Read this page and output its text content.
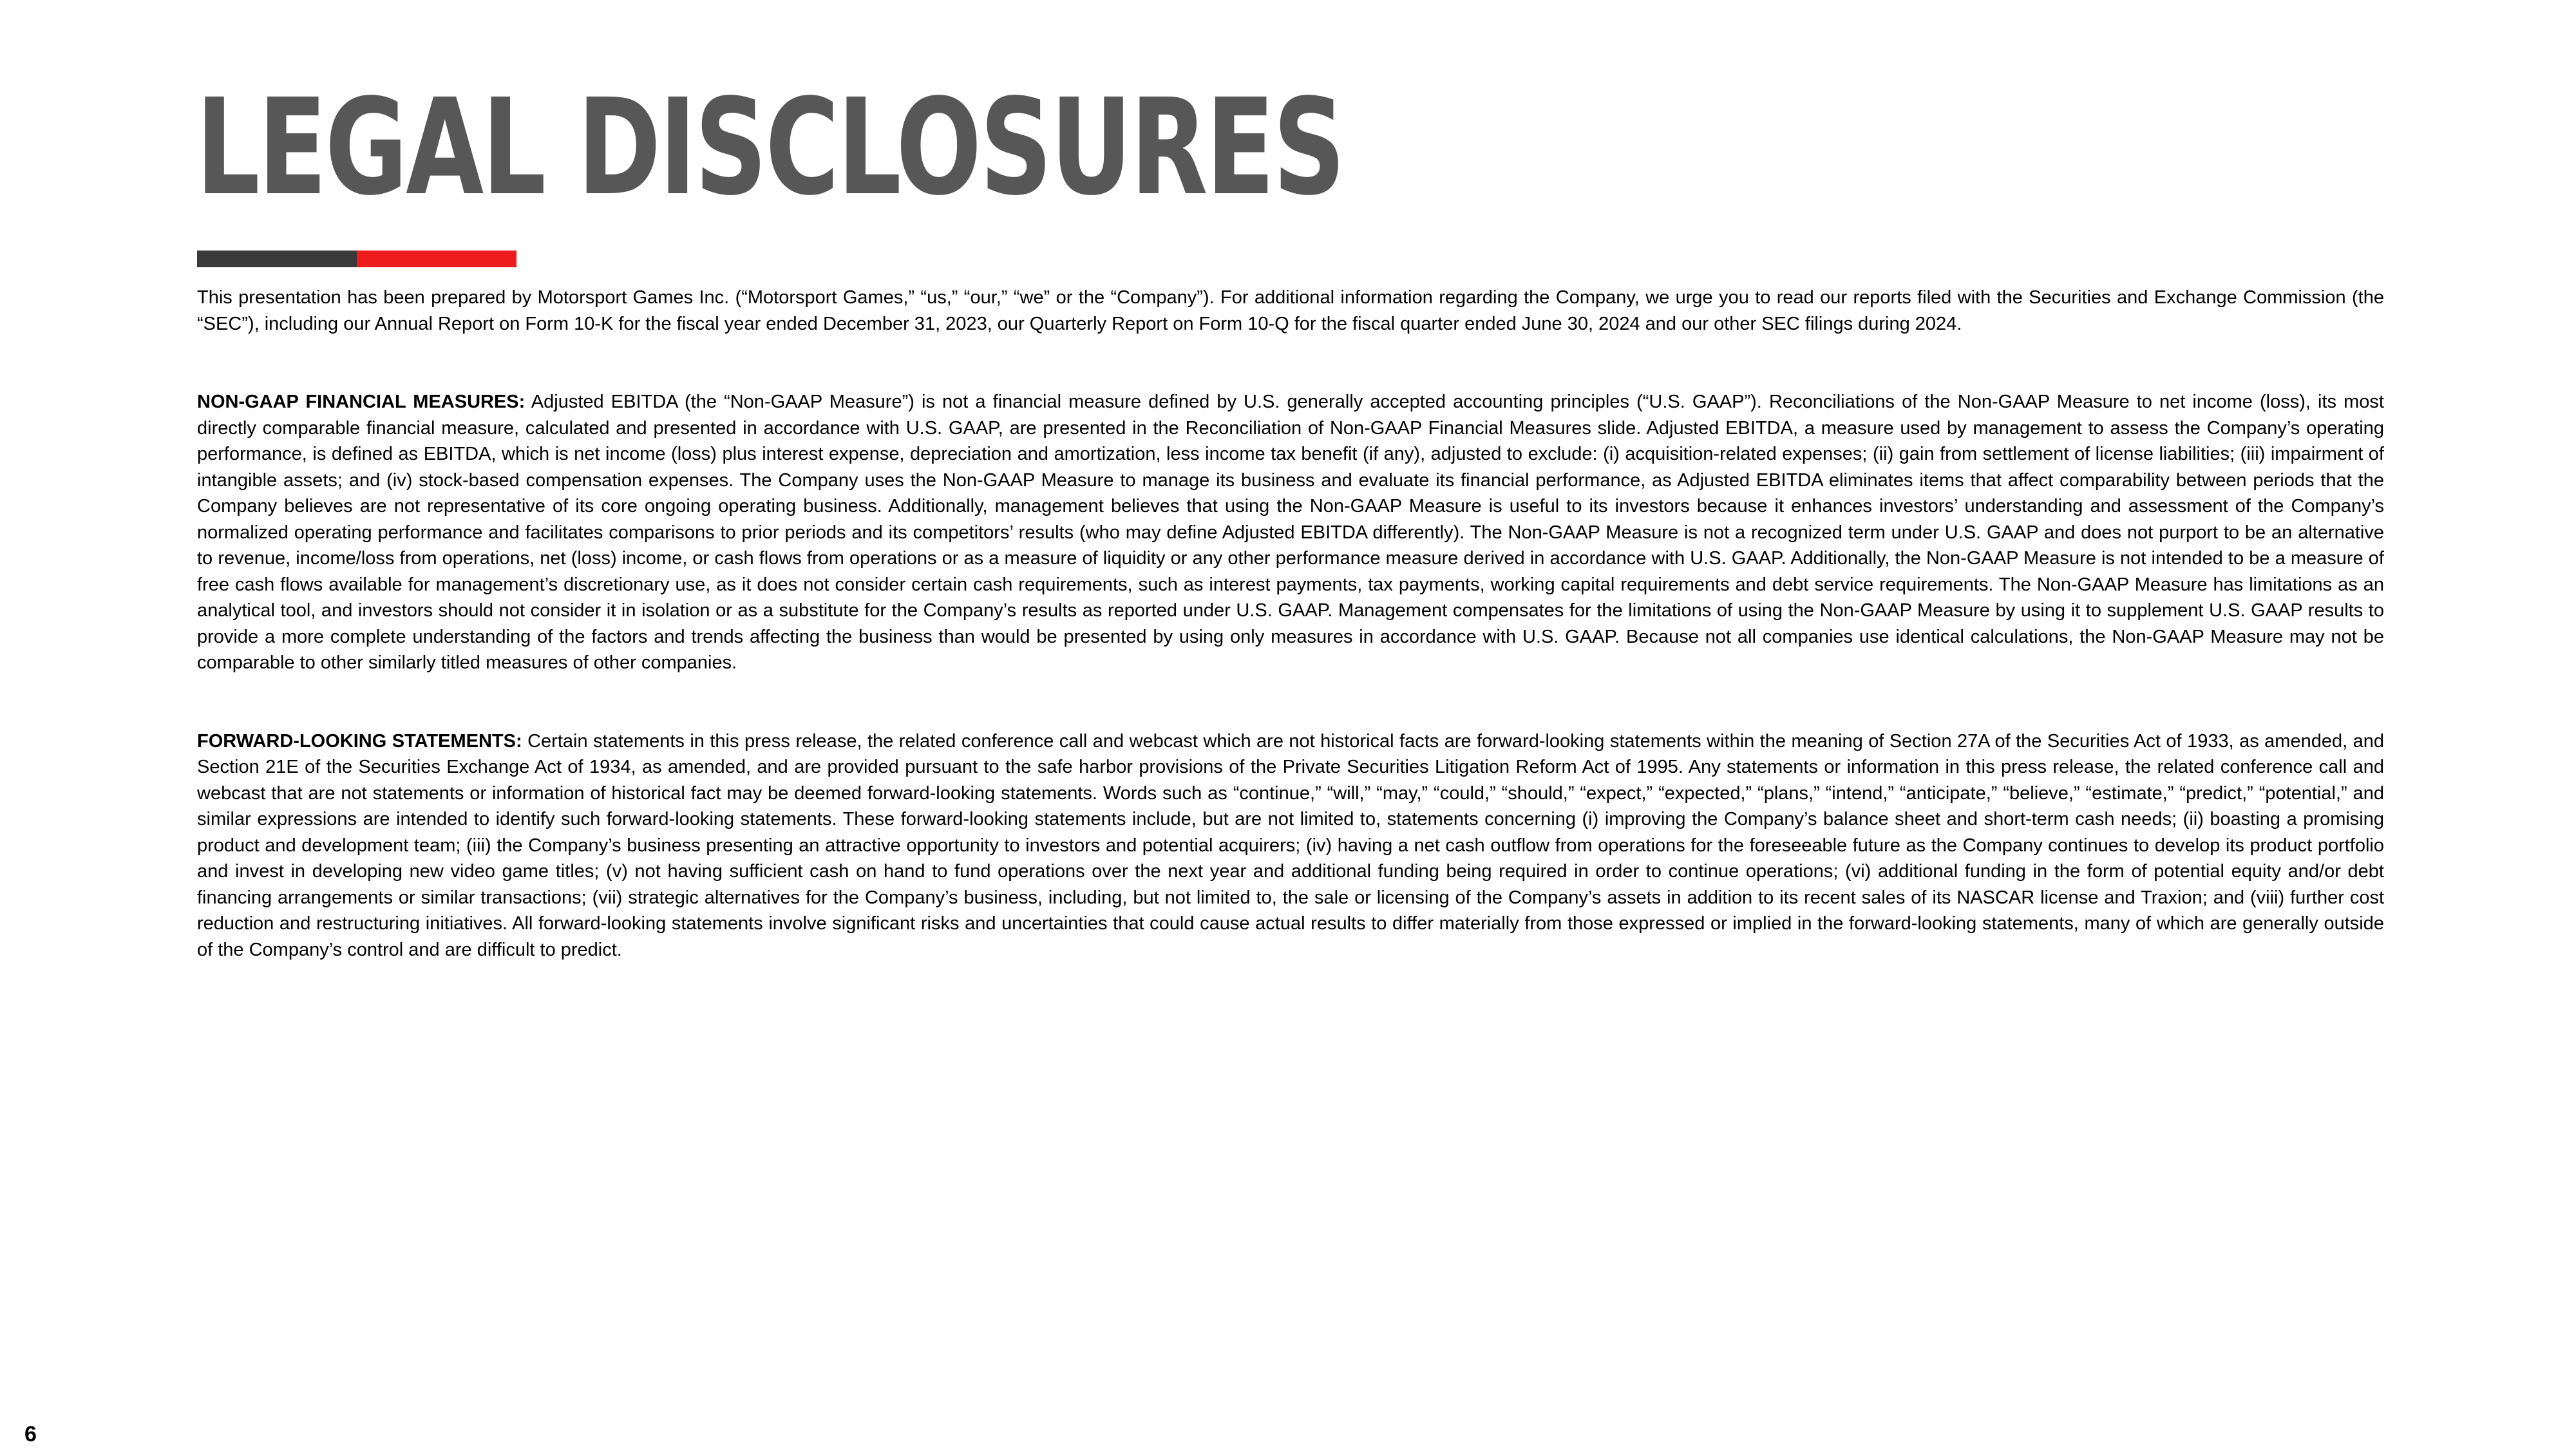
LEGAL DISCLOSURES

This presentation has been prepared by Motorsport Games Inc. (“Motorsport Games,” “us,” “our,” “we” or the “Company”). For additional information regarding the Company, we urge you to read our reports filed with the Securities and Exchange Commission (the “SEC”), including our Annual Report on Form 10-K for the fiscal year ended December 31, 2023, our Quarterly Report on Form 10-Q for the fiscal quarter ended June 30, 2024 and our other SEC filings during 2024.

NON-GAAP FINANCIAL MEASURES: Adjusted EBITDA (the “Non-GAAP Measure”) is not a financial measure defined by U.S. generally accepted accounting principles (“U.S. GAAP”). Reconciliations of the Non-GAAP Measure to net income (loss), its most directly comparable financial measure, calculated and presented in accordance with U.S. GAAP, are presented in the Reconciliation of Non-GAAP Financial Measures slide. Adjusted EBITDA, a measure used by management to assess the Company’s operating performance, is defined as EBITDA, which is net income (loss) plus interest expense, depreciation and amortization, less income tax benefit (if any), adjusted to exclude: (i) acquisition-related expenses; (ii) gain from settlement of license liabilities; (iii) impairment of intangible assets; and (iv) stock-based compensation expenses. The Company uses the Non-GAAP Measure to manage its business and evaluate its financial performance, as Adjusted EBITDA eliminates items that affect comparability between periods that the Company believes are not representative of its core ongoing operating business. Additionally, management believes that using the Non-GAAP Measure is useful to its investors because it enhances investors’ understanding and assessment of the Company’s normalized operating performance and facilitates comparisons to prior periods and its competitors’ results (who may define Adjusted EBITDA differently). The Non-GAAP Measure is not a recognized term under U.S. GAAP and does not purport to be an alternative to revenue, income/loss from operations, net (loss) income, or cash flows from operations or as a measure of liquidity or any other performance measure derived in accordance with U.S. GAAP. Additionally, the Non-GAAP Measure is not intended to be a measure of free cash flows available for management’s discretionary use, as it does not consider certain cash requirements, such as interest payments, tax payments, working capital requirements and debt service requirements. The Non-GAAP Measure has limitations as an analytical tool, and investors should not consider it in isolation or as a substitute for the Company’s results as reported under U.S. GAAP. Management compensates for the limitations of using the Non-GAAP Measure by using it to supplement U.S. GAAP results to provide a more complete understanding of the factors and trends affecting the business than would be presented by using only measures in accordance with U.S. GAAP. Because not all companies use identical calculations, the Non-GAAP Measure may not be comparable to other similarly titled measures of other companies.

FORWARD-LOOKING STATEMENTS: Certain statements in this press release, the related conference call and webcast which are not historical facts are forward-looking statements within the meaning of Section 27A of the Securities Act of 1933, as amended, and Section 21E of the Securities Exchange Act of 1934, as amended, and are provided pursuant to the safe harbor provisions of the Private Securities Litigation Reform Act of 1995. Any statements or information in this press release, the related conference call and webcast that are not statements or information of historical fact may be deemed forward-looking statements. Words such as “continue,” “will,” “may,” “could,” “should,” “expect,” “expected,” “plans,” “intend,” “anticipate,” “believe,” “estimate,” “predict,” “potential,” and similar expressions are intended to identify such forward-looking statements. These forward-looking statements include, but are not limited to, statements concerning (i) improving the Company’s balance sheet and short-term cash needs; (ii) boasting a promising product and development team; (iii) the Company’s business presenting an attractive opportunity to investors and potential acquirers; (iv) having a net cash outflow from operations for the foreseeable future as the Company continues to develop its product portfolio and invest in developing new video game titles; (v) not having sufficient cash on hand to fund operations over the next year and additional funding being required in order to continue operations; (vi) additional funding in the form of potential equity and/or debt financing arrangements or similar transactions; (vii) strategic alternatives for the Company’s business, including, but not limited to, the sale or licensing of the Company’s assets in addition to its recent sales of its NASCAR license and Traxion; and (viii) further cost reduction and restructuring initiatives. All forward-looking statements involve significant risks and uncertainties that could cause actual results to differ materially from those expressed or implied in the forward-looking statements, many of which are generally outside of the Company’s control and are difficult to predict.

6
